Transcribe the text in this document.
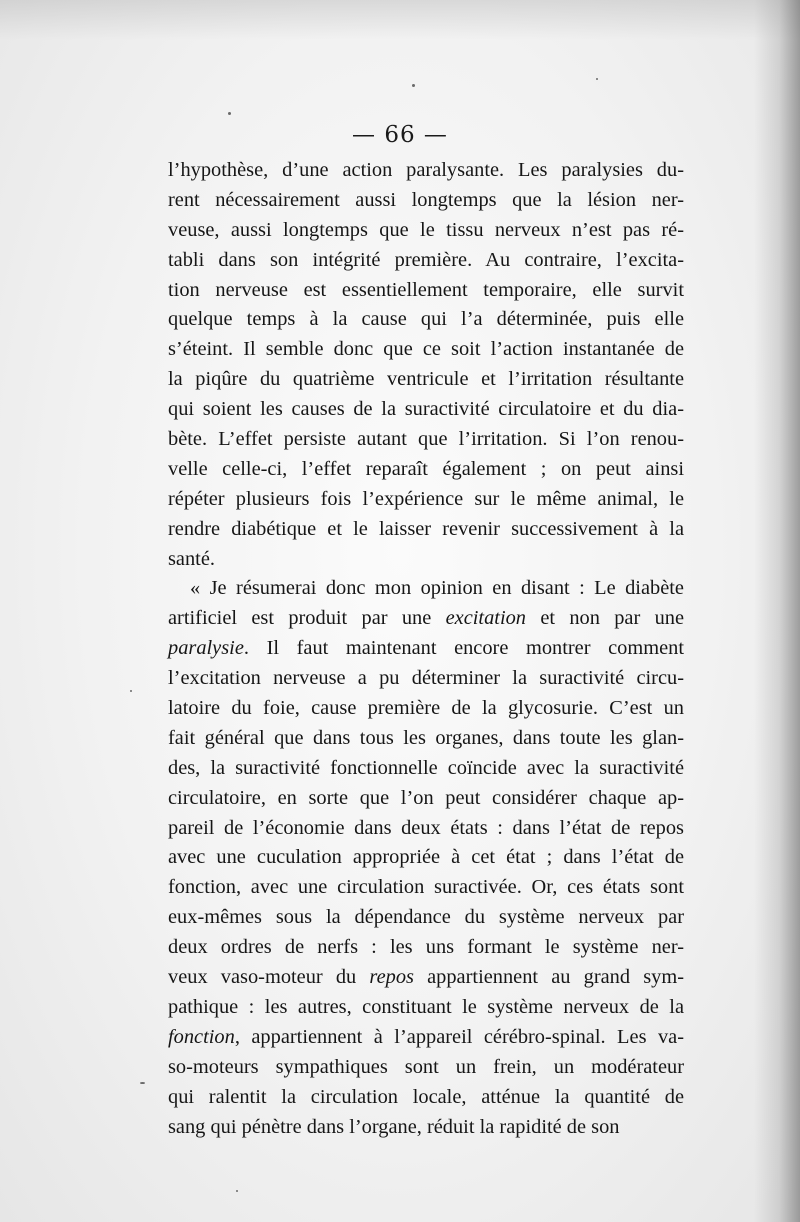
— 66 —
l’hypothèse, d’une action paralysante. Les paralysies du-
rent nécessairement aussi longtemps que la lésion ner-
veuse, aussi longtemps que le tissu nerveux n’est pas ré-
tabli dans son intégrité première. Au contraire, l’excita-
tion nerveuse est essentiellement temporaire, elle survit
quelque temps à la cause qui l’a déterminée, puis elle
s’éteint. Il semble donc que ce soit l’action instantanée de
la piqûre du quatrième ventricule et l’irritation résultante
qui soient les causes de la suractivité circulatoire et du dia-
bète. L’effet persiste autant que l’irritation. Si l’on renou-
velle celle-ci, l’effet reparaît également ; on peut ainsi
répéter plusieurs fois l’expérience sur le même animal, le
rendre diabétique et le laisser revenir successivement à la
santé.
« Je résumerai donc mon opinion en disant : Le diabète
artificiel est produit par une excitation et non par une
paralysie. Il faut maintenant encore montrer comment
l’excitation nerveuse a pu déterminer la suractivité circu-
latoire du foie, cause première de la glycosurie. C’est un
fait général que dans tous les organes, dans toute les glan-
des, la suractivité fonctionnelle coïncide avec la suractivité
circulatoire, en sorte que l’on peut considérer chaque ap-
pareil de l’économie dans deux états : dans l’état de repos
avec une cuculation appropriée à cet état ; dans l’état de
fonction, avec une circulation suractivée. Or, ces états sont
eux-mêmes sous la dépendance du système nerveux par
deux ordres de nerfs : les uns formant le système ner-
veux vaso-moteur du repos appartiennent au grand sym-
pathique : les autres, constituant le système nerveux de la
fonction, appartiennent à l’appareil cérébro-spinal. Les va-
so-moteurs sympathiques sont un frein, un modérateur
qui ralentit la circulation locale, atténue la quantité de
sang qui pénètre dans l’organe, réduit la rapidité de son
